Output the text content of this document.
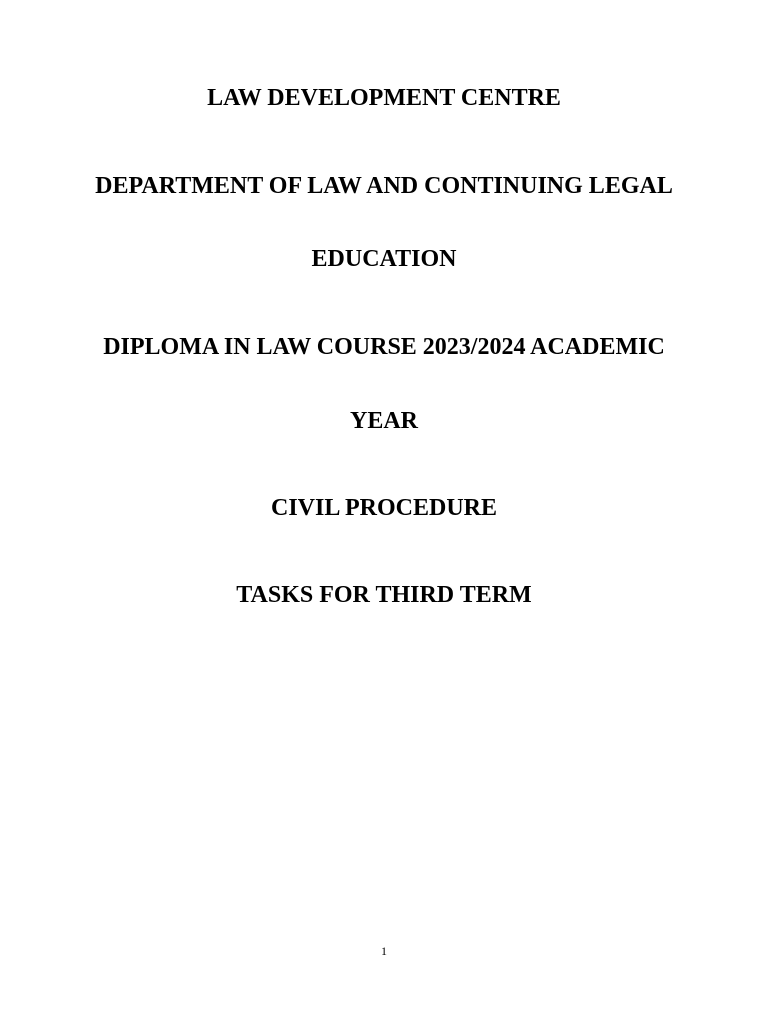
LAW DEVELOPMENT CENTRE

DEPARTMENT OF LAW AND CONTINUING LEGAL

EDUCATION

DIPLOMA IN LAW COURSE 2023/2024 ACADEMIC

YEAR

CIVIL PROCEDURE

TASKS FOR THIRD TERM

1
